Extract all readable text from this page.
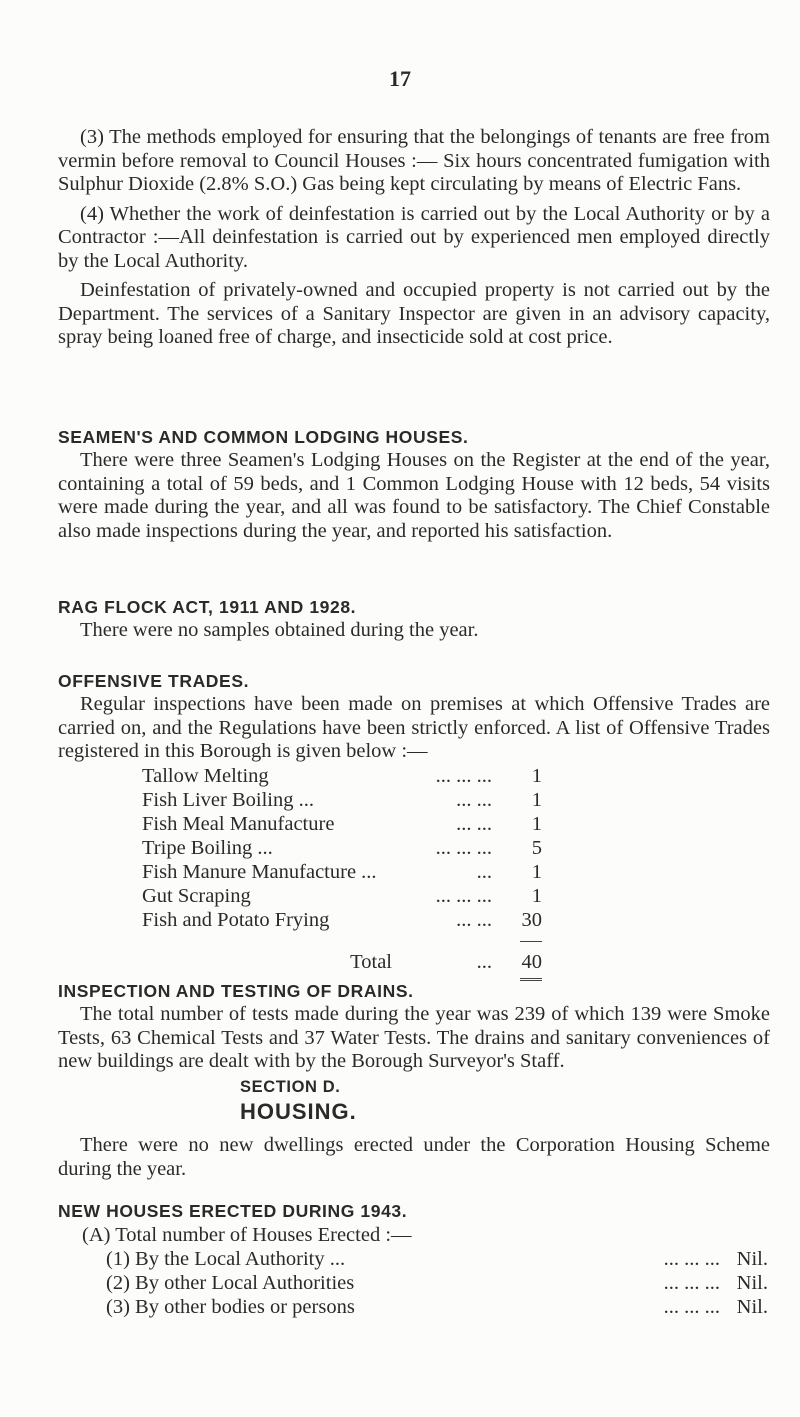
17

(3) The methods employed for ensuring that the belongings of tenants are free from vermin before removal to Council Houses :— Six hours concentrated fumigation with Sulphur Dioxide (2.8% S.O.) Gas being kept circulating by means of Electric Fans.

(4) Whether the work of deinfestation is carried out by the Local Authority or by a Contractor :—All deinfestation is carried out by experienced men employed directly by the Local Authority.

Deinfestation of privately-owned and occupied property is not carried out by the Department. The services of a Sanitary Inspector are given in an advisory capacity, spray being loaned free of charge, and insecticide sold at cost price.

SEAMEN'S AND COMMON LODGING HOUSES.

There were three Seamen's Lodging Houses on the Register at the end of the year, containing a total of 59 beds, and 1 Common Lodging House with 12 beds, 54 visits were made during the year, and all was found to be satisfactory. The Chief Constable also made inspections during the year, and reported his satisfaction.

RAG FLOCK ACT, 1911 AND 1928.

There were no samples obtained during the year.

OFFENSIVE TRADES.

Regular inspections have been made on premises at which Offensive Trades are carried on, and the Regulations have been strictly enforced. A list of Offensive Trades registered in this Borough is given below :—

Tallow Melting	... ... ...	1
Fish Liver Boiling ...	... ...	1
Fish Meal Manufacture	... ...	1
Tripe Boiling ...	... ... ...	5
Fish Manure Manufacture ...	...	1
Gut Scraping	... ... ...	1
Fish and Potato Frying	... ...	30

Total	...	40

INSPECTION AND TESTING OF DRAINS.

The total number of tests made during the year was 239 of which 139 were Smoke Tests, 63 Chemical Tests and 37 Water Tests. The drains and sanitary conveniences of new buildings are dealt with by the Borough Surveyor's Staff.

SECTION D.
HOUSING.

There were no new dwellings erected under the Corporation Housing Scheme during the year.

NEW HOUSES ERECTED DURING 1943.
(A) Total number of Houses Erected :—
(1) By the Local Authority ...	... ... ... Nil.
(2) By other Local Authorities	... ... ... Nil.
(3) By other bodies or persons	... ... ... Nil.
